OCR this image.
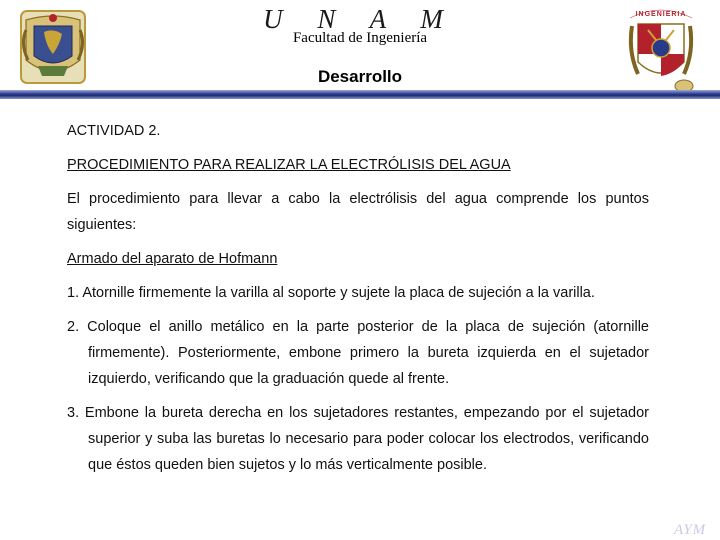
U N A M
Facultad de Ingeniería
Desarrollo
INGENIERIA

ACTIVIDAD 2.

PROCEDIMIENTO PARA REALIZAR LA ELECTRÓLISIS DEL AGUA

El procedimiento para llevar a cabo la electrólisis del agua comprende los puntos siguientes:

Armado del aparato de Hofmann

1. Atornille firmemente la varilla al soporte y sujete la placa de sujeción a la varilla.

2. Coloque el anillo metálico en la parte posterior de la placa de sujeción (atornille firmemente). Posteriormente, embone primero la bureta izquierda en el sujetador izquierdo, verificando que la graduación quede al frente.

3. Embone la bureta derecha en los sujetadores restantes, empezando por el sujetador superior y suba las buretas lo necesario para poder colocar los electrodos, verificando que éstos queden bien sujetos y lo más verticalmente posible.

AYM
